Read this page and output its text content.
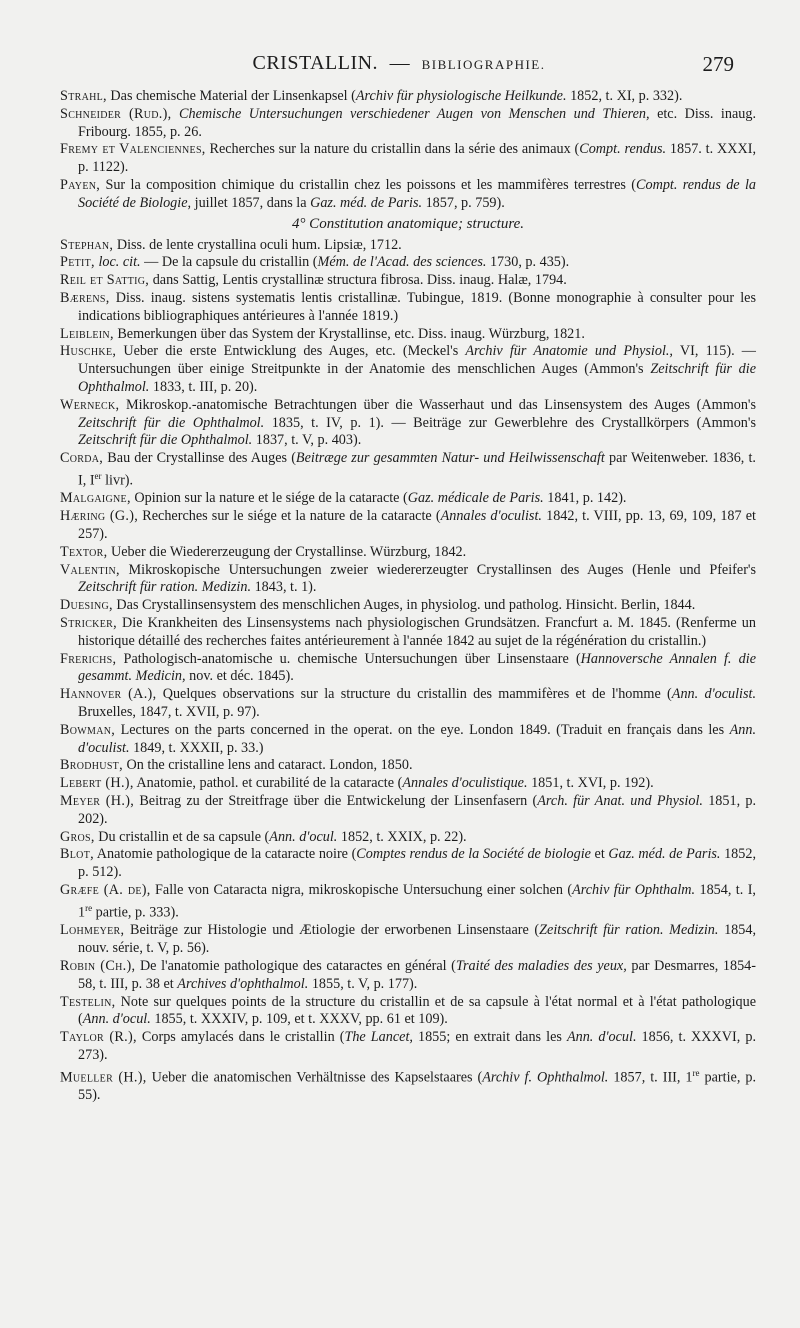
CRISTALLIN. — BIBLIOGRAPHIE.	279

Strahl, Das chemische Material der Linsenkapsel (Archiv für physiologische Heilkunde. 1852, t. XI, p. 332).

Schneider (Rud.), Chemische Untersuchungen verschiedener Augen von Menschen und Thieren, etc. Diss. inaug. Fribourg. 1855, p. 26.

Fremy et Valenciennes, Recherches sur la nature du cristallin dans la série des animaux (Compt. rendus. 1857. t. XXXI, p. 1122).

Payen, Sur la composition chimique du cristallin chez les poissons et les mammifères terrestres (Compt. rendus de la Société de Biologie, juillet 1857, dans la Gaz. méd. de Paris. 1857, p. 759).

4° Constitution anatomique; structure.

Stephan, Diss. de lente crystallina oculi hum. Lipsiæ, 1712.

Petit, loc. cit. — De la capsule du cristallin (Mém. de l'Acad. des sciences. 1730, p. 435).

Reil et Sattig, dans Sattig, Lentis crystallinæ structura fibrosa. Diss. inaug. Halæ, 1794.

Bærens, Diss. inaug. sistens systematis lentis cristallinæ. Tubingue, 1819. (Bonne monographie à consulter pour les indications bibliographiques antérieures à l'année 1819.)

Leiblein, Bemerkungen über das System der Krystallinse, etc. Diss. inaug. Würzburg, 1821.

Huschke, Ueber die erste Entwicklung des Auges, etc. (Meckel's Archiv für Anatomie und Physiol., VI, 115). — Untersuchungen über einige Streitpunkte in der Anatomie des menschlichen Auges (Ammon's Zeitschrift für die Ophthalmol. 1833, t. III, p. 20).

Werneck, Mikroskop.-anatomische Betrachtungen über die Wasserhaut und das Linsensystem des Auges (Ammon's Zeitschrift für die Ophthalmol. 1835, t. IV, p. 1). — Beiträge zur Gewerblehre des Crystallkörpers (Ammon's Zeitschrift für die Ophthalmol. 1837, t. V, p. 403).

Corda, Bau der Crystallinse des Auges (Beitræge zur gesammten Natur- und Heilwissenschaft par Weitenweber. 1836, t. I, Ier livr).

Malgaigne, Opinion sur la nature et le siége de la cataracte (Gaz. médicale de Paris. 1841, p. 142).

Hæring (G.), Recherches sur le siége et la nature de la cataracte (Annales d'oculist. 1842, t. VIII, pp. 13, 69, 109, 187 et 257).

Textor, Ueber die Wiedererzeugung der Crystallinse. Würzburg, 1842.

Valentin, Mikroskopische Untersuchungen zweier wiedererzeugter Crystallinsen des Auges (Henle und Pfeifer's Zeitschrift für ration. Medizin. 1843, t. 1).

Duesing, Das Crystallinsensystem des menschlichen Auges, in physiolog. und patholog. Hinsicht. Berlin, 1844.

Stricker, Die Krankheiten des Linsensystems nach physiologischen Grundsätzen. Francfurt a. M. 1845. (Renferme un historique détaillé des recherches faites antérieurement à l'année 1842 au sujet de la régénération du cristallin.)

Frerichs, Pathologisch-anatomische u. chemische Untersuchungen über Linsenstaare (Hannoversche Annalen f. die gesammt. Medicin, nov. et déc. 1845).

Hannover (A.), Quelques observations sur la structure du cristallin des mammifères et de l'homme (Ann. d'oculist. Bruxelles, 1847, t. XVII, p. 97).

Bowman, Lectures on the parts concerned in the operat. on the eye. London 1849. (Traduit en français dans les Ann. d'oculist. 1849, t. XXXII, p. 33.)

Brodhust, On the cristalline lens and cataract. London, 1850.

Lebert (H.), Anatomie, pathol. et curabilité de la cataracte (Annales d'oculistique. 1851, t. XVI, p. 192).

Meyer (H.), Beitrag zu der Streitfrage über die Entwickelung der Linsenfasern (Arch. für Anat. und Physiol. 1851, p. 202).

Gros, Du cristallin et de sa capsule (Ann. d'ocul. 1852, t. XXIX, p. 22).

Blot, Anatomie pathologique de la cataracte noire (Comptes rendus de la Société de biologie et Gaz. méd. de Paris. 1852, p. 512).

Græfe (A. de), Falle von Cataracta nigra, mikroskopische Untersuchung einer solchen (Archiv für Ophthalm. 1854, t. I, 1re partie, p. 333).

Lohmeyer, Beiträge zur Histologie und Ætiologie der erworbenen Linsenstaare (Zeitschrift für ration. Medizin. 1854, nouv. série, t. V, p. 56).

Robin (Ch.), De l'anatomie pathologique des cataractes en général (Traité des maladies des yeux, par Desmarres, 1854-58, t. III, p. 38 et Archives d'ophthalmol. 1855, t. V, p. 177).

Testelin, Note sur quelques points de la structure du cristallin et de sa capsule à l'état normal et à l'état pathologique (Ann. d'ocul. 1855, t. XXXIV, p. 109, et t. XXXV, pp. 61 et 109).

Taylor (R.), Corps amylacés dans le cristallin (The Lancet, 1855; en extrait dans les Ann. d'ocul. 1856, t. XXXVI, p. 273).

Mueller (H.), Ueber die anatomischen Verhältnisse des Kapselstaares (Archiv f. Ophthalmol. 1857, t. III, 1re partie, p. 55).
